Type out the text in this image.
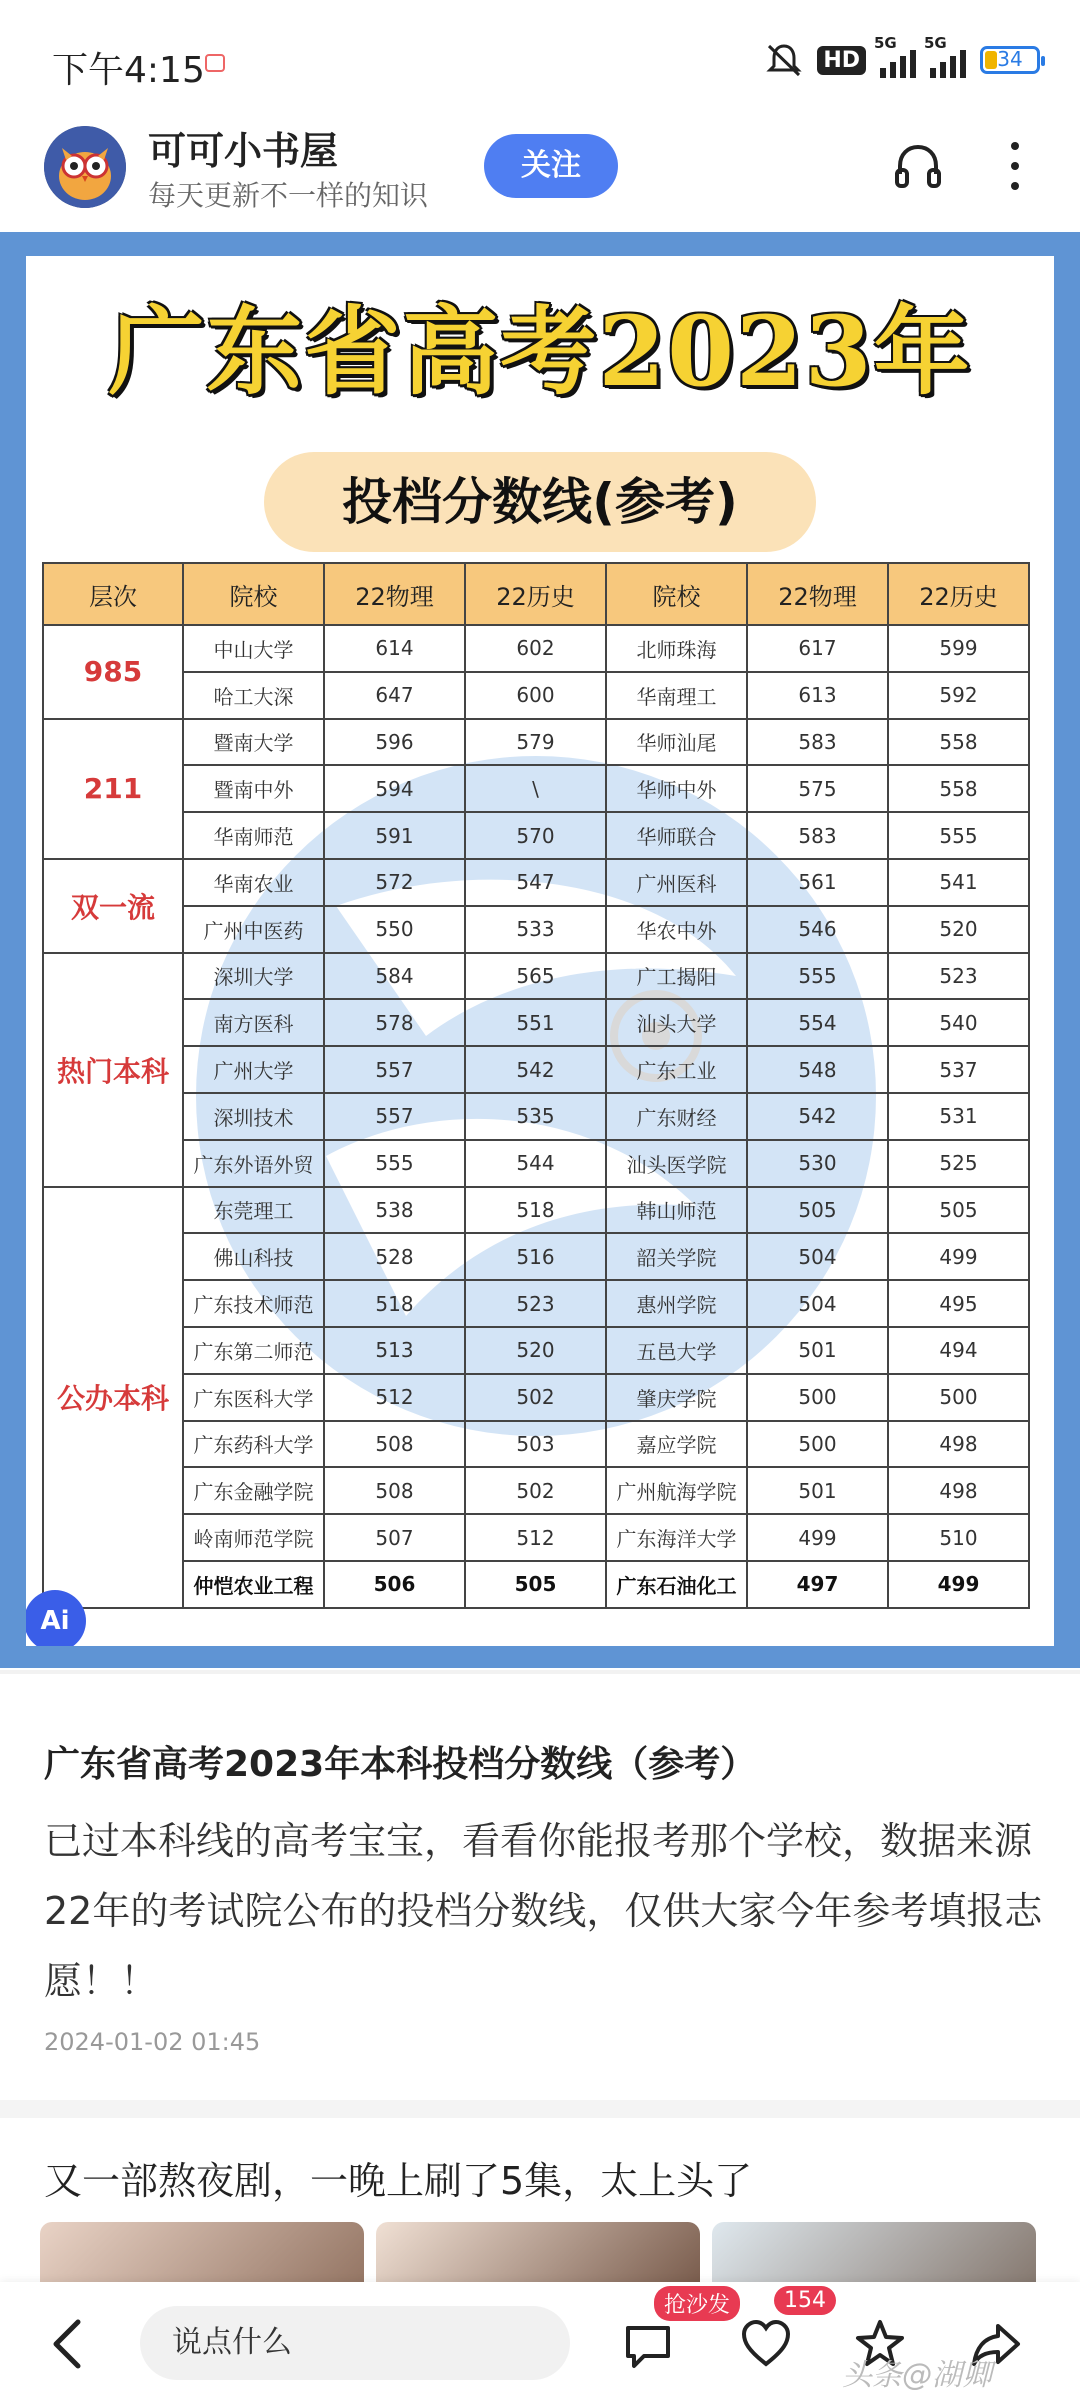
下午4:15	HD
5G 5G
34
可可小书屋
每天更新不一样的知识
关注
广东省高考2023年
投档分数线(参考)
层次	院校	22物理	22历史	院校	22物理	22历史
985	中山大学	614	602	北师珠海	617	599
	哈工大深	647	600	华南理工	613	592
211	暨南大学	596	579	华师汕尾	583	558
	暨南中外	594	\	华师中外	575	558
	华南师范	591	570	华师联合	583	555
双一流	华南农业	572	547	广州医科	561	541
	广州中医药	550	533	华农中外	546	520
热门本科	深圳大学	584	565	广工揭阳	555	523
	南方医科	578	551	汕头大学	554	540
	广州大学	557	542	广东工业	548	537
	深圳技术	557	535	广东财经	542	531
	广东外语外贸	555	544	汕头医学院	530	525
公办本科	东莞理工	538	518	韩山师范	505	505
	佛山科技	528	516	韶关学院	504	499
	广东技术师范	518	523	惠州学院	504	495
	广东第二师范	513	520	五邑大学	501	494
	广东医科大学	512	502	肇庆学院	500	500
	广东药科大学	508	503	嘉应学院	500	498
	广东金融学院	508	502	广州航海学院	501	498
	岭南师范学院	507	512	广东海洋大学	499	510
	仲恺农业工程	506	505	广东石油化工	497	499
Ai	头条@可可小书屋
广东省高考2023年本科投档分数线（参考）
已过本科线的高考宝宝，看看你能报考那个学校，数据来源22年的考试院公布的投档分数线，仅供大家今年参考填报志愿！！
2024-01-02 01:45
又一部熬夜剧，一晚上刷了5集，太上头了
说点什么
抢沙发	154
头条@湖卿
